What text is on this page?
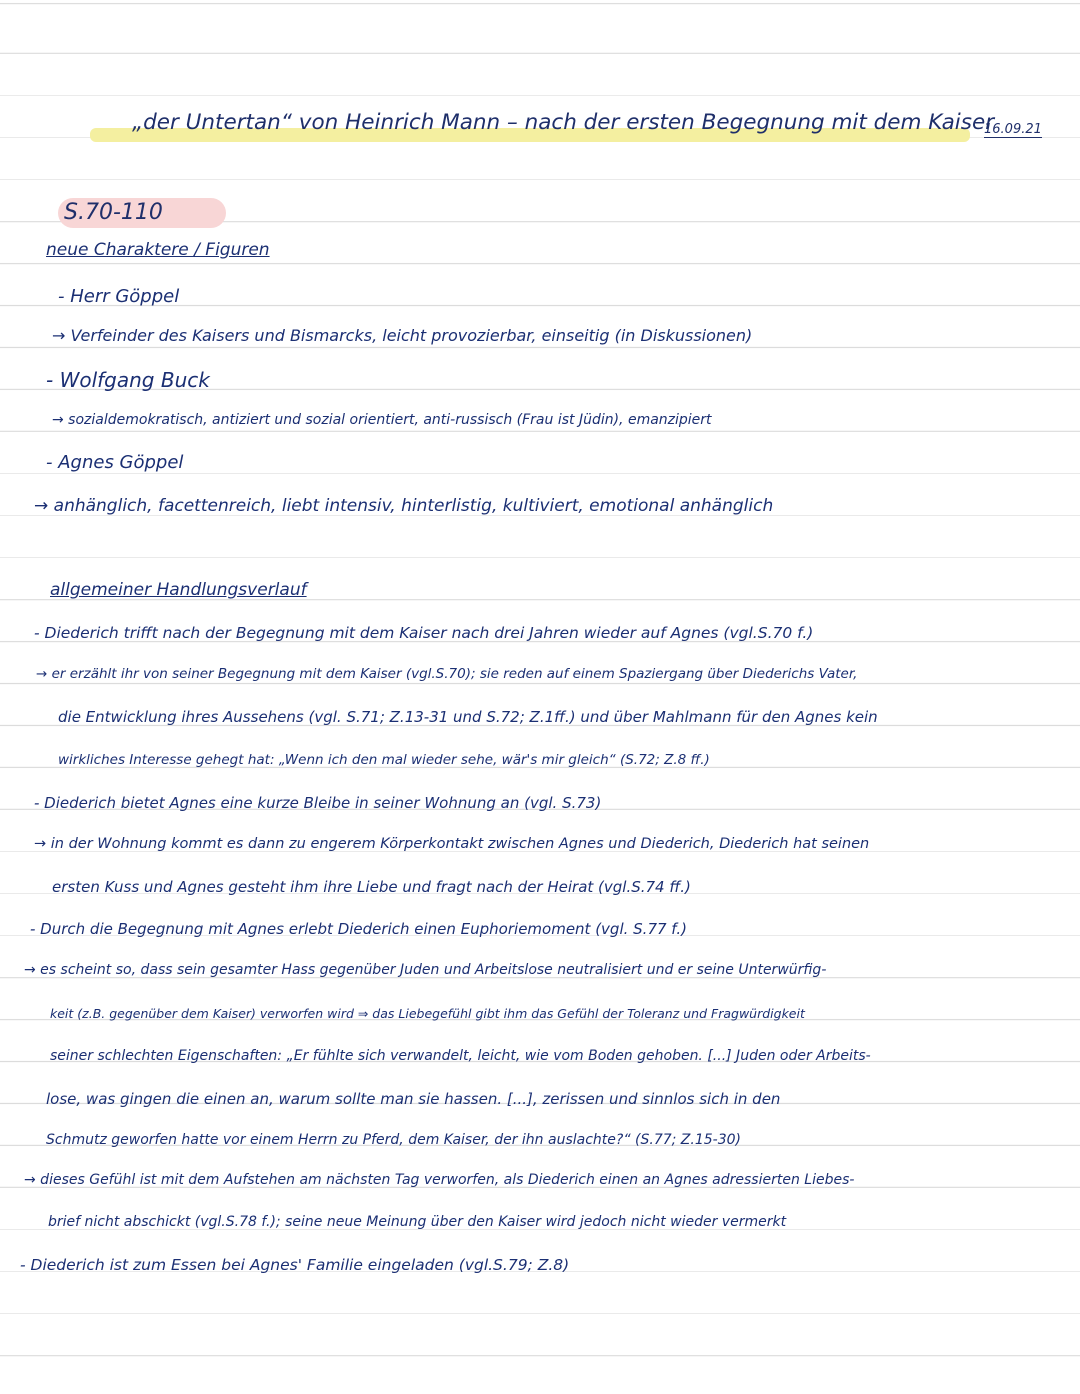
„der Untertan“ von Heinrich Mann – nach der ersten Begegnung mit dem Kaiser
16.09.21
S.70-110
neue Charaktere / Figuren
- Herr Göppel
→ Verfeinder des Kaisers und Bismarcks, leicht provozierbar, einseitig (in Diskussionen)
- Wolfgang Buck
→ sozialdemokratisch, antiziert und sozial orientiert, anti-russisch (Frau ist Jüdin), emanzipiert
- Agnes Göppel
→ anhänglich, facettenreich, liebt intensiv, hinterlistig, kultiviert, emotional anhänglich
allgemeiner Handlungsverlauf
- Diederich trifft nach der Begegnung mit dem Kaiser nach drei Jahren wieder auf Agnes (vgl.S.70 f.)
→ er erzählt ihr von seiner Begegnung mit dem Kaiser (vgl.S.70); sie reden auf einem Spaziergang über Diederichs Vater,
die Entwicklung ihres Aussehens (vgl. S.71; Z.13-31 und S.72; Z.1ff.) und über Mahlmann für den Agnes kein
wirkliches Interesse gehegt hat: „Wenn ich den mal wieder sehe, wär's mir gleich“ (S.72; Z.8 ff.)
- Diederich bietet Agnes eine kurze Bleibe in seiner Wohnung an (vgl. S.73)
→ in der Wohnung kommt es dann zu engerem Körperkontakt zwischen Agnes und Diederich, Diederich hat seinen
ersten Kuss und Agnes gesteht ihm ihre Liebe und fragt nach der Heirat (vgl.S.74 ff.)
- Durch die Begegnung mit Agnes erlebt Diederich einen Euphoriemoment (vgl. S.77 f.)
→ es scheint so, dass sein gesamter Hass gegenüber Juden und Arbeitslose neutralisiert und er seine Unterwürfig-
keit (z.B. gegenüber dem Kaiser) verworfen wird ⇒ das Liebegefühl gibt ihm das Gefühl der Toleranz und Fragwürdigkeit
seiner schlechten Eigenschaften: „Er fühlte sich verwandelt, leicht, wie vom Boden gehoben. [...] Juden oder Arbeits-
lose, was gingen die einen an, warum sollte man sie hassen. [...], zerissen und sinnlos sich in den
Schmutz geworfen hatte vor einem Herrn zu Pferd, dem Kaiser, der ihn auslachte?“ (S.77; Z.15-30)
→ dieses Gefühl ist mit dem Aufstehen am nächsten Tag verworfen, als Diederich einen an Agnes adressierten Liebes-
brief nicht abschickt (vgl.S.78 f.); seine neue Meinung über den Kaiser wird jedoch nicht wieder vermerkt
- Diederich ist zum Essen bei Agnes' Familie eingeladen (vgl.S.79; Z.8)
